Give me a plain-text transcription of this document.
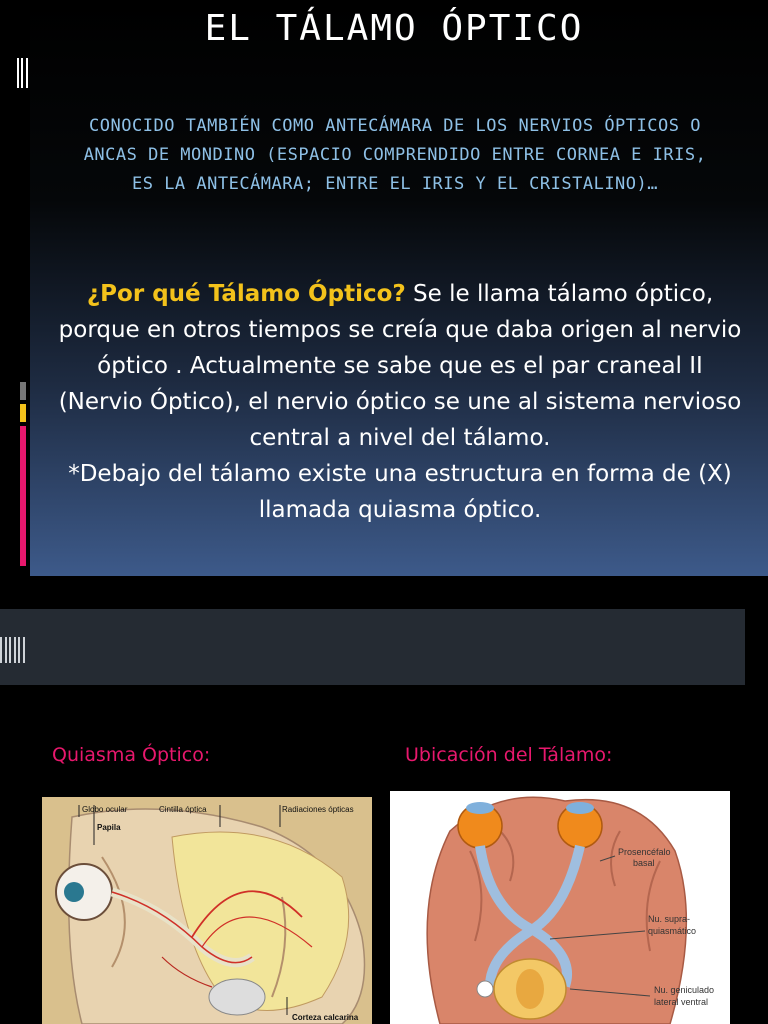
EL TÁLAMO ÓPTICO
CONOCIDO TAMBIÉN COMO ANTECÁMARA DE LOS NERVIOS ÓPTICOS O ANCAS DE MONDINO (ESPACIO COMPRENDIDO ENTRE CORNEA E IRIS, ES LA ANTECÁMARA; ENTRE EL IRIS Y EL CRISTALINO)…
¿Por qué Tálamo Óptico? Se le llama tálamo óptico, porque en otros tiempos se creía que daba origen al nervio óptico . Actualmente se sabe que es el par craneal II (Nervio Óptico), el nervio óptico se une al sistema nervioso central a nivel del tálamo.
*Debajo del tálamo existe una estructura en forma de (X) llamada quiasma óptico.
Quiasma Óptico:	Ubicación del Tálamo:
Globo ocular
Papila
Cintilla óptica	Radiaciones ópticas
Corteza calcarina
Prosencéfalo
basal
Nu. supra-
quiasmático
Nu. geniculado
lateral ventral
